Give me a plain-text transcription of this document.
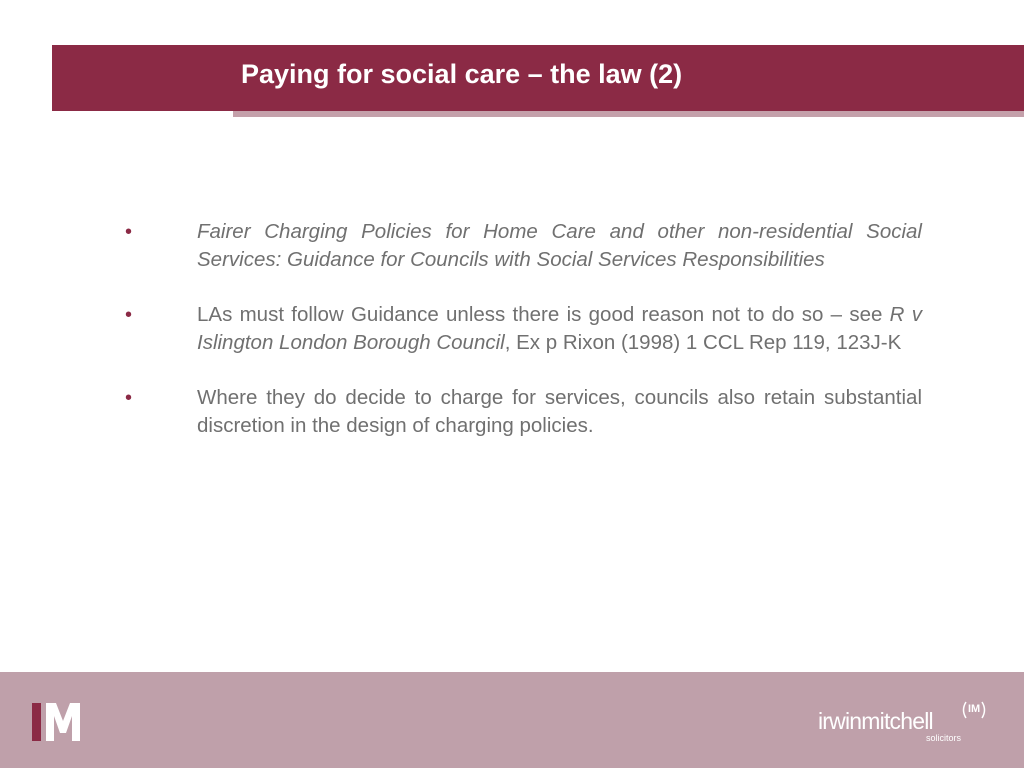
Paying for social care – the law (2)
•	Fairer Charging Policies for Home Care and other non-residential Social Services: Guidance for Councils with Social Services Responsibilities
•	LAs must follow Guidance unless there is good reason not to do so – see R v Islington London Borough Council, Ex p Rixon (1998) 1 CCL Rep 119, 123J-K
•	Where they do decide to charge for services, councils also retain substantial discretion in the design of charging policies.
irwinmitchell
solicitors
IM
